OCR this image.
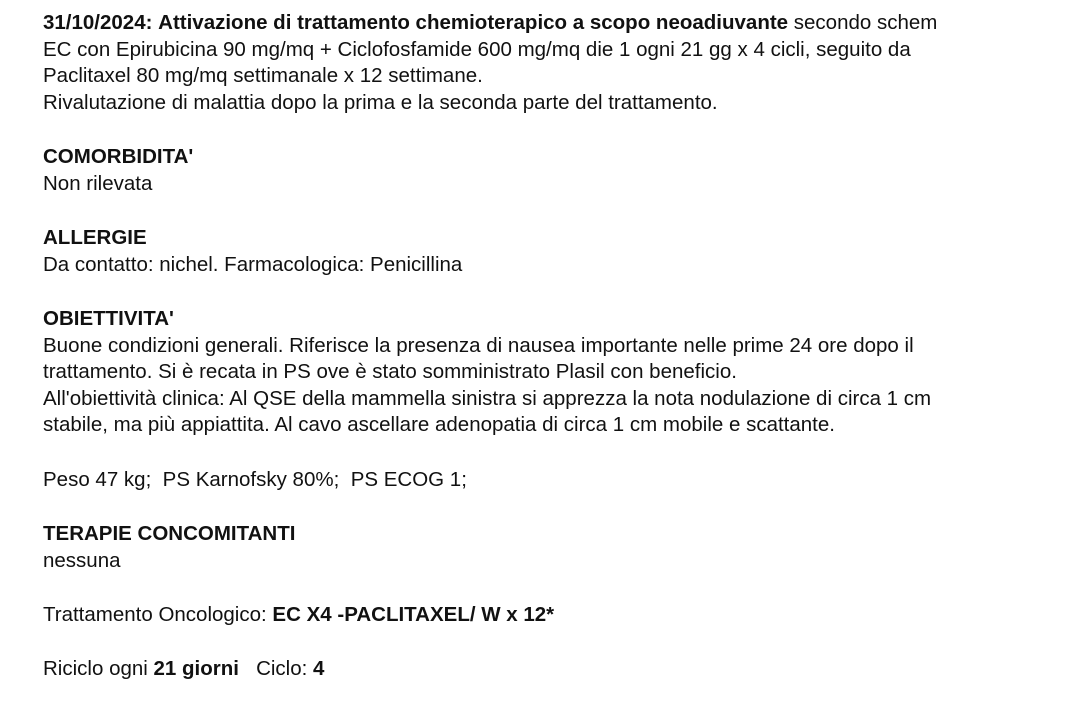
31/10/2024: Attivazione di trattamento chemioterapico a scopo neoadiuvante secondo schem
EC con Epirubicina 90 mg/mq + Ciclofosfamide 600 mg/mq die 1 ogni 21 gg x 4 cicli, seguito da
Paclitaxel 80 mg/mq settimanale x 12 settimane.
Rivalutazione di malattia dopo la prima e la seconda parte del trattamento.
COMORBIDITA'
Non rilevata
ALLERGIE
Da contatto: nichel. Farmacologica: Penicillina
OBIETTIVITA'
Buone condizioni generali. Riferisce la presenza di nausea importante nelle prime 24 ore dopo il
trattamento. Si è recata in PS ove è stato somministrato Plasil con beneficio.
All'obiettività clinica: Al QSE della mammella sinistra si apprezza la nota nodulazione di circa 1 cm
stabile, ma più appiattita. Al cavo ascellare adenopatia di circa 1 cm mobile e scattante.
Peso 47 kg; PS Karnofsky 80%; PS ECOG 1;
TERAPIE CONCOMITANTI
nessuna
Trattamento Oncologico: EC X4 -PACLITAXEL/ W x 12*
Riciclo ogni 21 giorni Ciclo: 4
